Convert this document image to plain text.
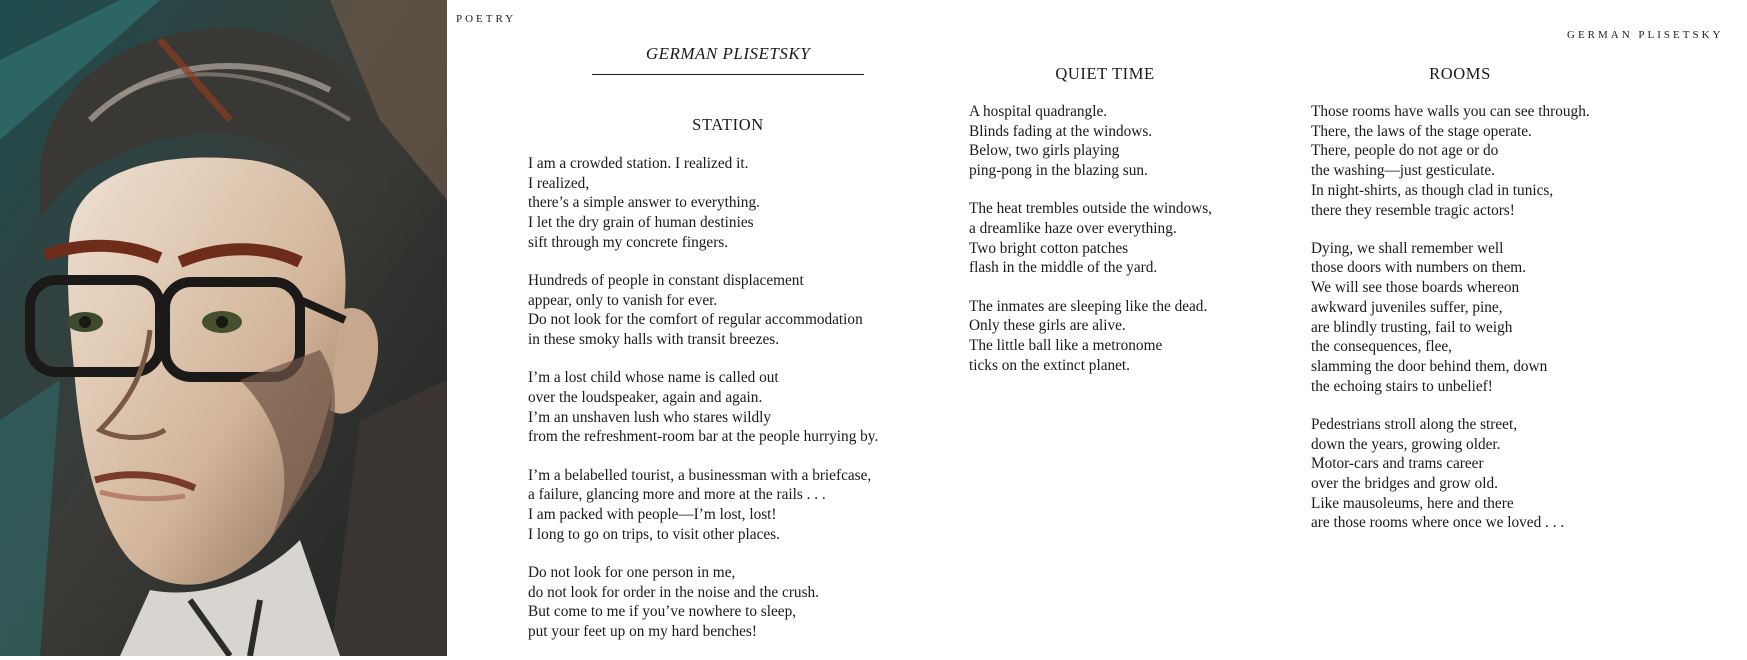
POETRY
GERMAN PLISETSKY
GERMAN PLISETSKY
STATION
I am a crowded station. I realized it.
I realized,
there’s a simple answer to everything.
I let the dry grain of human destinies
sift through my concrete fingers.
Hundreds of people in constant displacement
appear, only to vanish for ever.
Do not look for the comfort of regular accommodation
in these smoky halls with transit breezes.
I’m a lost child whose name is called out
over the loudspeaker, again and again.
I’m an unshaven lush who stares wildly
from the refreshment-room bar at the people hurrying by.
I’m a belabelled tourist, a businessman with a briefcase,
a failure, glancing more and more at the rails . . .
I am packed with people—I’m lost, lost!
I long to go on trips, to visit other places.
Do not look for one person in me,
do not look for order in the noise and the crush.
But come to me if you’ve nowhere to sleep,
put your feet up on my hard benches!
QUIET TIME
A hospital quadrangle.
Blinds fading at the windows.
Below, two girls playing
ping-pong in the blazing sun.
The heat trembles outside the windows,
a dreamlike haze over everything.
Two bright cotton patches
flash in the middle of the yard.
The inmates are sleeping like the dead.
Only these girls are alive.
The little ball like a metronome
ticks on the extinct planet.
ROOMS
Those rooms have walls you can see through.
There, the laws of the stage operate.
There, people do not age or do
the washing—just gesticulate.
In night-shirts, as though clad in tunics,
there they resemble tragic actors!
Dying, we shall remember well
those doors with numbers on them.
We will see those boards whereon
awkward juveniles suffer, pine,
are blindly trusting, fail to weigh
the consequences, flee,
slamming the door behind them, down
the echoing stairs to unbelief!
Pedestrians stroll along the street,
down the years, growing older.
Motor-cars and trams career
over the bridges and grow old.
Like mausoleums, here and there
are those rooms where once we loved . . .
